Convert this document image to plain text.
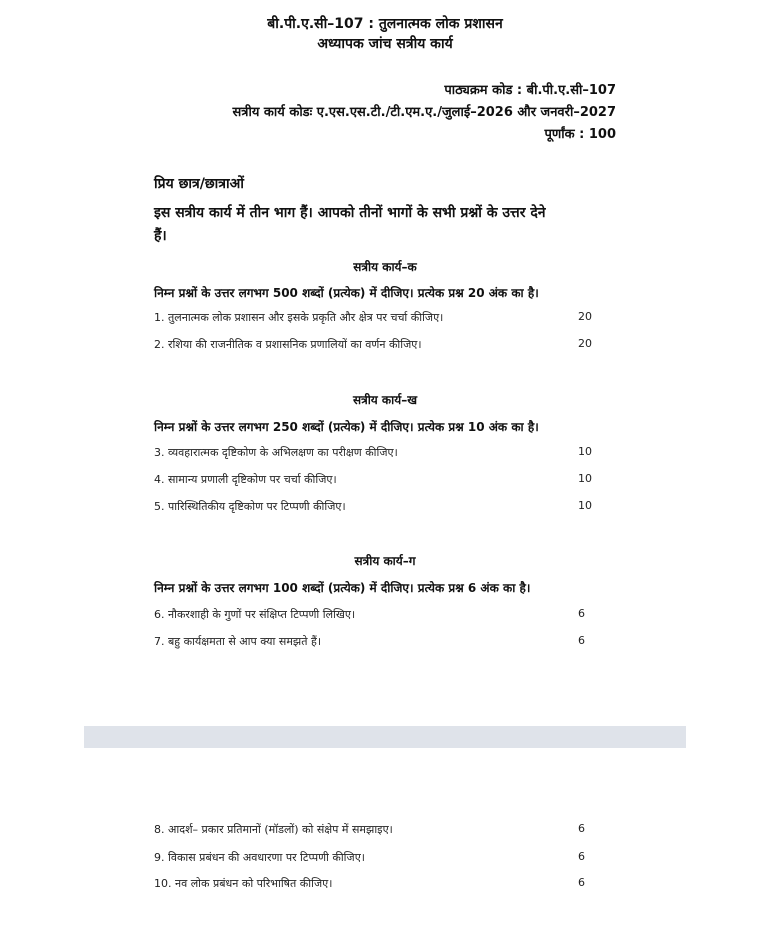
बी.पी.ए.सी–107 : तुलनात्मक लोक प्रशासन
अध्यापक जांच सत्रीय कार्य
पाठ्यक्रम कोड : बी.पी.ए.सी–107
सत्रीय कार्य कोडः ए.एस.एस.टी./टी.एम.ए./जुलाई–2026 और जनवरी–2027
पूर्णांक : 100
प्रिय छात्र/छात्राओं
इस सत्रीय कार्य में तीन भाग हैं। आपको तीनों भागों के सभी प्रश्नों के उत्तर देने
हैं।
सत्रीय कार्य–क
निम्न प्रश्नों के उत्तर लगभग 500 शब्दों (प्रत्येक) में दीजिए। प्रत्येक प्रश्न 20 अंक का है।
1. तुलनात्मक लोक प्रशासन और इसके प्रकृति और क्षेत्र पर चर्चा कीजिए।	20
2. रशिया की राजनीतिक व प्रशासनिक प्रणालियों का वर्णन कीजिए।	20
सत्रीय कार्य–ख
निम्न प्रश्नों के उत्तर लगभग 250 शब्दों (प्रत्येक) में दीजिए। प्रत्येक प्रश्न 10 अंक का है।
3. व्यवहारात्मक दृष्टिकोण के अभिलक्षण का परीक्षण कीजिए।	10
4. सामान्य प्रणाली दृष्टिकोण पर चर्चा कीजिए।	10
5. पारिस्थितिकीय दृष्टिकोण पर टिप्पणी कीजिए।	10
सत्रीय कार्य–ग
निम्न प्रश्नों के उत्तर लगभग 100 शब्दों (प्रत्येक) में दीजिए। प्रत्येक प्रश्न 6 अंक का है।
6. नौकरशाही के गुणों पर संक्षिप्त टिप्पणी लिखिए।	6
7. बहु कार्यक्षमता से आप क्या समझते हैं।	6
8. आदर्श– प्रकार प्रतिमानों (मॉडलों) को संक्षेप में समझाइए।	6
9. विकास प्रबंधन की अवधारणा पर टिप्पणी कीजिए।	6
10. नव लोक प्रबंधन को परिभाषित कीजिए।	6
